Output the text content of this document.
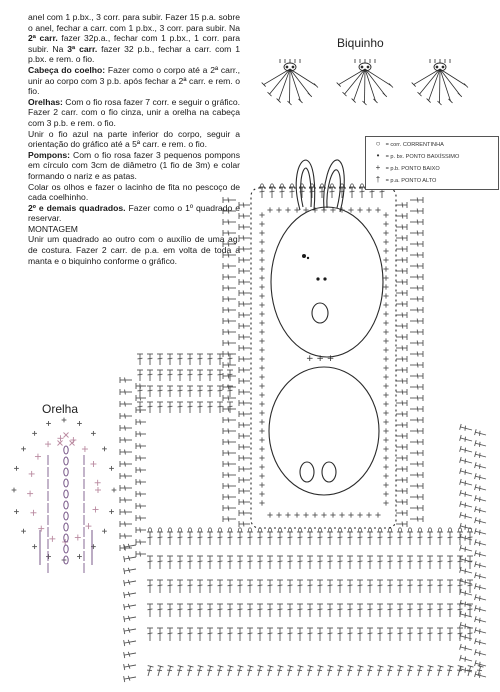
+ + +
Biquinho
Orelha

anel com 1 p.bx., 3 corr. para subir. Fazer 15 p.a. sobre o anel, fechar a carr. com 1 p.bx., 3 corr. para subir. Na 2ª carr. fazer 32p.a., fechar com 1 p.bx., 1 corr. para subir. Na 3ª carr. fazer 32 p.b., fechar a carr. com 1 p.bx. e rem. o fio.

Cabeça do coelho: Fazer como o corpo até a 2ª carr., unir ao corpo com 3 p.b. após fechar a 2ª carr. e rem. o fio.

Orelhas: Com o fio rosa fazer 7 corr. e seguir o gráfico. Fazer 2 carr. com o fio cinza, unir a orelha na cabeça com 3 p.b. e rem. o fio.

Unir o fio azul na parte inferior do corpo, seguir a orientação do gráfico até a 5ª carr. e rem. o fio.

Pompons: Com o fio rosa fazer 3 pequenos pompons em círculo com 3cm de diâmetro (1 fio de 3m) e colar formando o nariz e as patas.

Colar os olhos e fazer o lacinho de fita no pescoço de cada coelhinho.

2º e demais quadrados. Fazer como o 1º quadrado e reservar.

MONTAGEM

Unir um quadrado ao outro com o auxílio de uma ag. de costura. Fazer 2 carr. de p.a. em volta de toda a manta e o biquinho conforme o gráfico.

○ = corr. CORRENTINHA
• = p. bx. PONTO BAIXÍSSIMO
+ = p.b. PONTO BAIXO
† = p.a. PONTO ALTO
